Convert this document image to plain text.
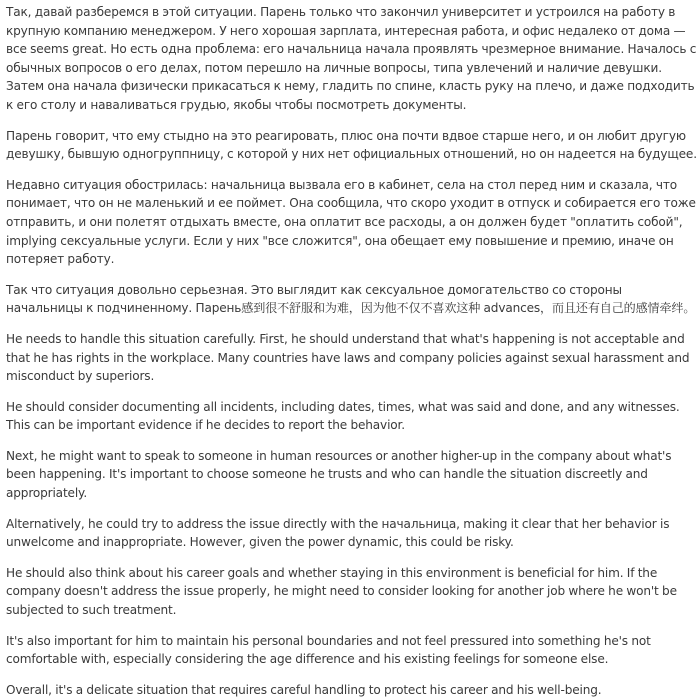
Так, давай разберемся в этой ситуации. Парень только что закончил университет и устроился на работу в крупную компанию менеджером. У него хорошая зарплата, интересная работа, и офис недалеко от дома — все seems great. Но есть одна проблема: его начальница начала проявлять чрезмерное внимание. Началось с обычных вопросов о его делах, потом перешло на личные вопросы, типа увлечений и наличие девушки. Затем она начала физически прикасаться к нему, гладить по спине, класть руку на плечо, и даже подходить к его столу и наваливаться грудью, якобы чтобы посмотреть документы.

Парень говорит, что ему стыдно на это реагировать, плюс она почти вдвое старше него, и он любит другую девушку, бывшую одногруппницу, с которой у них нет официальных отношений, но он надеется на будущее.

Недавно ситуация обострилась: начальница вызвала его в кабинет, села на стол перед ним и сказала, что понимает, что он не маленький и ее поймет. Она сообщила, что скоро уходит в отпуск и собирается его тоже отправить, и они полетят отдыхать вместе, она оплатит все расходы, а он должен будет "оплатить собой", implying сексуальные услуги. Если у них "все сложится", она обещает ему повышение и премию, иначе он потеряет работу.

Так что ситуация довольно серьезная. Это выглядит как сексуальное домогательство со стороны начальницы к подчиненному. Парень感到很不舒服和为难，因为他不仅不喜欢这种 advances，而且还有自己的感情牵绊。

He needs to handle this situation carefully. First, he should understand that what's happening is not acceptable and that he has rights in the workplace. Many countries have laws and company policies against sexual harassment and misconduct by superiors.

He should consider documenting all incidents, including dates, times, what was said and done, and any witnesses. This can be important evidence if he decides to report the behavior.

Next, he might want to speak to someone in human resources or another higher-up in the company about what's been happening. It's important to choose someone he trusts and who can handle the situation discreetly and appropriately.

Alternatively, he could try to address the issue directly with the начальница, making it clear that her behavior is unwelcome and inappropriate. However, given the power dynamic, this could be risky.

He should also think about his career goals and whether staying in this environment is beneficial for him. If the company doesn't address the issue properly, he might need to consider looking for another job where he won't be subjected to such treatment.

It's also important for him to maintain his personal boundaries and not feel pressured into something he's not comfortable with, especially considering the age difference and his existing feelings for someone else.

Overall, it's a delicate situation that requires careful handling to protect his career and his well-being.
